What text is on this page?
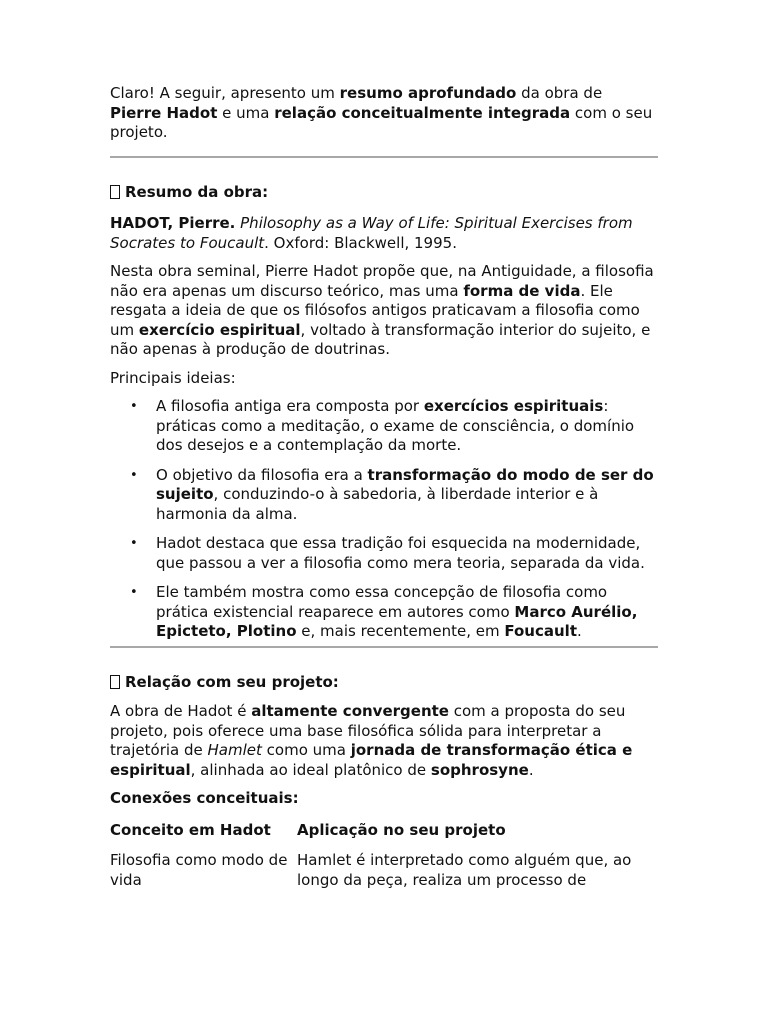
Claro! A seguir, apresento um resumo aprofundado da obra de
Pierre Hadot e uma relação conceitualmente integrada com o seu projeto.

Resumo da obra:

HADOT, Pierre. Philosophy as a Way of Life: Spiritual Exercises from Socrates to Foucault. Oxford: Blackwell, 1995.

Nesta obra seminal, Pierre Hadot propõe que, na Antiguidade, a filosofia não era apenas um discurso teórico, mas uma forma de vida. Ele resgata a ideia de que os filósofos antigos praticavam a filosofia como um exercício espiritual, voltado à transformação interior do sujeito, e não apenas à produção de doutrinas.

Principais ideias:

• A filosofia antiga era composta por exercícios espirituais: práticas como a meditação, o exame de consciência, o domínio dos desejos e a contemplação da morte.
• O objetivo da filosofia era a transformação do modo de ser do sujeito, conduzindo-o à sabedoria, à liberdade interior e à harmonia da alma.
• Hadot destaca que essa tradição foi esquecida na modernidade, que passou a ver a filosofia como mera teoria, separada da vida.
• Ele também mostra como essa concepção de filosofia como prática existencial reaparece em autores como Marco Aurélio, Epicteto, Plotino e, mais recentemente, em Foucault.

Relação com seu projeto:

A obra de Hadot é altamente convergente com a proposta do seu projeto, pois oferece uma base filosófica sólida para interpretar a trajetória de Hamlet como uma jornada de transformação ética e espiritual, alinhada ao ideal platônico de sophrosyne.

Conexões conceituais:

Conceito em Hadot	Aplicação no seu projeto
Filosofia como modo de vida	Hamlet é interpretado como alguém que, ao longo da peça, realiza um processo de
